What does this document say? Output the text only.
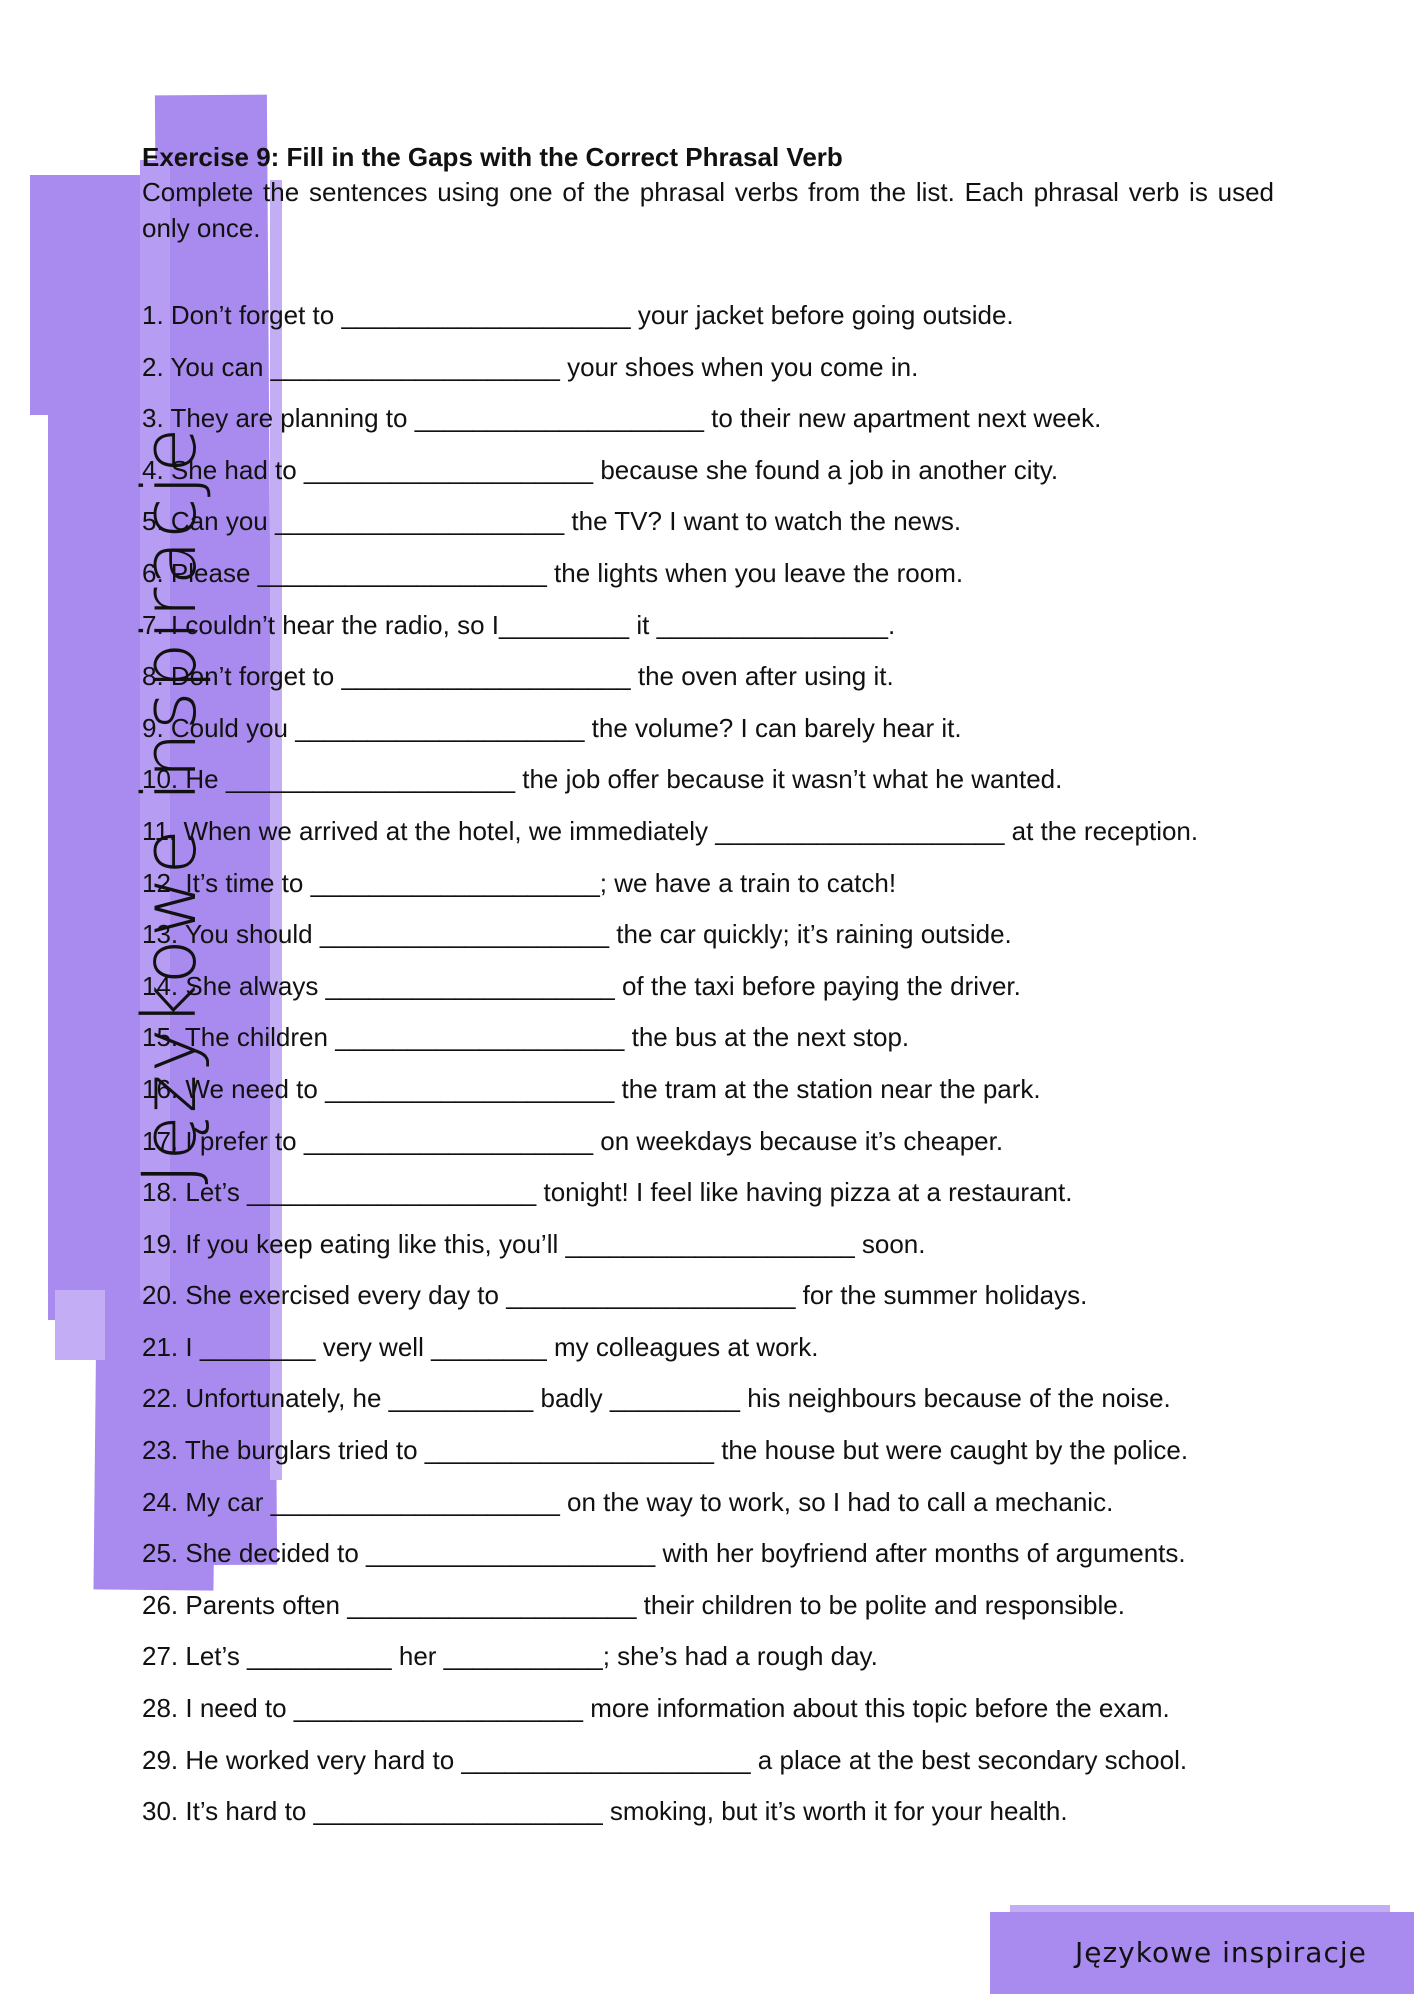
Językowe inspiracje

Exercise 9: Fill in the Gaps with the Correct Phrasal Verb

Complete the sentences using one of the phrasal verbs from the list. Each phrasal verb is used only once.

1. Don’t forget to ____________________ your jacket before going outside.
2. You can ____________________ your shoes when you come in.
3. They are planning to ____________________ to their new apartment next week.
4. She had to ____________________ because she found a job in another city.
5. Can you ____________________ the TV? I want to watch the news.
6. Please ____________________ the lights when you leave the room.
7. I couldn’t hear the radio, so I_________ it ________________.
8. Don’t forget to ____________________ the oven after using it.
9. Could you ____________________ the volume? I can barely hear it.
10. He ____________________ the job offer because it wasn’t what he wanted.
11. When we arrived at the hotel, we immediately ____________________ at the reception.
12. It’s time to ____________________; we have a train to catch!
13. You should ____________________ the car quickly; it’s raining outside.
14. She always ____________________ of the taxi before paying the driver.
15. The children ____________________ the bus at the next stop.
16. We need to ____________________ the tram at the station near the park.
17. I prefer to ____________________ on weekdays because it’s cheaper.
18. Let’s ____________________ tonight! I feel like having pizza at a restaurant.
19. If you keep eating like this, you’ll ____________________ soon.
20. She exercised every day to ____________________ for the summer holidays.
21. I ________ very well ________ my colleagues at work.
22. Unfortunately, he __________ badly _________ his neighbours because of the noise.
23. The burglars tried to ____________________ the house but were caught by the police.
24. My car ____________________ on the way to work, so I had to call a mechanic.
25. She decided to ____________________ with her boyfriend after months of arguments.
26. Parents often ____________________ their children to be polite and responsible.
27. Let’s __________ her ___________; she’s had a rough day.
28. I need to ____________________ more information about this topic before the exam.
29. He worked very hard to ____________________ a place at the best secondary school.
30. It’s hard to ____________________ smoking, but it’s worth it for your health.
Językowe inspiracje
